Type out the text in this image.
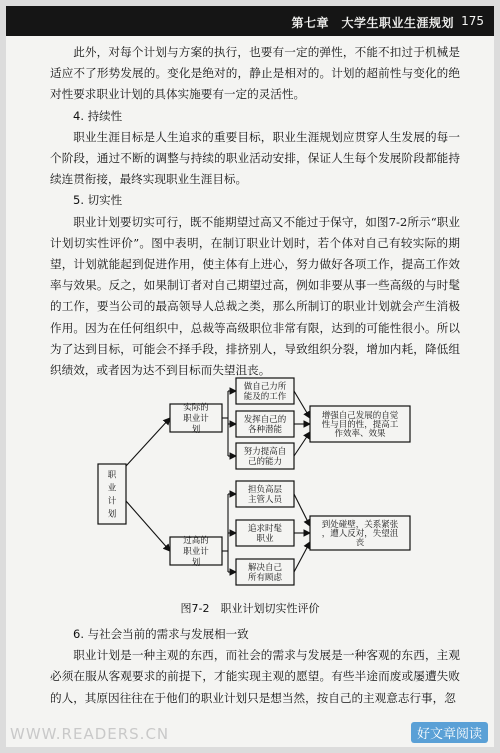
第七章　大学生职业生涯规划 175

此外，对每个计划与方案的执行，也要有一定的弹性，不能不扣过于机械是适应不了形势发展的。变化是绝对的，静止是相对的。计划的超前性与变化的绝对性要求职业计划的具体实施要有一定的灵活性。

4. 持续性

职业生涯目标是人生追求的重要目标，职业生涯规划应贯穿人生发展的每一个阶段，通过不断的调整与持续的职业活动安排，保证人生每个发展阶段都能持续连贯衔接，最终实现职业生涯目标。

5. 切实性

职业计划要切实可行，既不能期望过高又不能过于保守，如图7-2所示“职业计划切实性评价”。图中表明，在制订职业计划时，若个体对自己有较实际的期望，计划就能起到促进作用，使主体有上进心，努力做好各项工作，提高工作效率与效果。反之，如果制订者对自己期望过高，例如非要从事一些高级的与时髦的工作，要当公司的最高领导人总裁之类，那么所制订的职业计划就会产生消极作用。因为在任何组织中，总裁等高级职位非常有限，达到的可能性很小。所以为了达到目标，可能会不择手段，排挤别人，导致组织分裂，增加内耗，降低组织绩效，或者因为达不到目标而失望沮丧。

职业计划
实际的职业计划
过高的职业计划
做自己力所能及的工作
发挥自己的各种潜能
努力提高自己的能力
担负高层主管人员
追求时髦职业
解决自己所有顾虑
增强自己发展的自觉性与目的性，提高工作效率、效果
到处碰壁，关系紧张，遭人反对，失望沮丧
图7-2　职业计划切实性评价

6. 与社会当前的需求与发展相一致

职业计划是一种主观的东西，而社会的需求与发展是一种客观的东西，主观必须在服从客观要求的前提下，才能实现主观的愿望。有些半途而废或屡遭失败的人，其原因往往在于他们的职业计划只是想当然，按自己的主观意志行事，忽

WWW.READERS.CN	好文章阅读
